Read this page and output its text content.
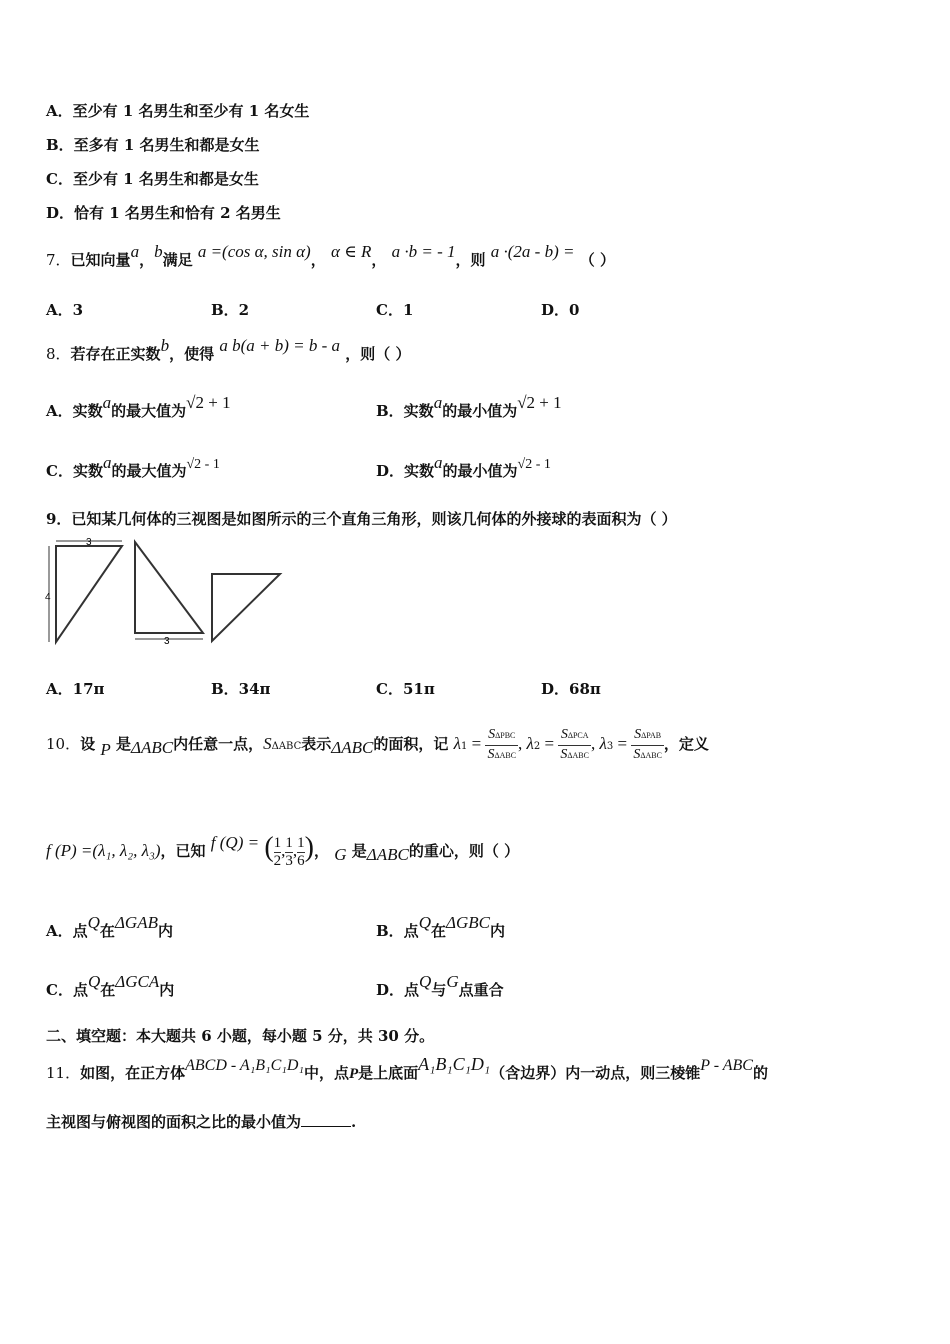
A．至少有 1 名男生和至少有 1 名女生
B．至多有 1 名男生和都是女生
C．至少有 1 名男生和都是女生
D．恰有 1 名男生和恰有 2 名男生
7．已知向量a，b满足 a =(cos α, sin α)， α ∈ R， a ·b = - 1，则 a ·(2a - b) = （ ）
A．3	B．2	C．1	D．0
8．若存在正实数b，使得 a b(a + b) = b - a ，则（ ）
A．实数a的最大值为√2 + 1	B．实数a的最小值为√2 + 1
C．实数a的最大值为√2 - 1	D．实数a的最小值为√2 - 1
9．已知某几何体的三视图是如图所示的三个直角三角形，则该几何体的外接球的表面积为（ ）
3
4
3
A．17π	B．34π	C．51π	D．68π
10．设 P 是ΔABC内任意一点，SΔABC表示ΔABC的面积，记 $\lambda 1 = \frac{\text{SΔPBC}}{\text{SΔABC}}$ , $\lambda 2 = \frac{\text{SΔPCA}}{\text{SΔABC}}$ , $\lambda 3 = \frac{\text{SΔPAB}}{\text{SΔABC}}$ ，定义
f (P) =(λ₁, λ₂, λ₃)，已知 f (Q) = ( $\frac{1}{2}$ , $\frac{1}{3}$ , $\frac{1}{6}$ )， G 是ΔABC的重心，则（ ）
A．点Q在ΔGAB内	B．点Q在ΔGBC内
C．点Q在ΔGCA内	D．点Q与G点重合
二、填空题：本大题共 6 小题，每小题 5 分，共 30 分。
11．如图，在正方体ABCD - A₁B₁C₁D₁中，点P是上底面A₁B₁C₁D₁（含边界）内一动点，则三棱锥P - ABC的
主视图与俯视图的面积之比的最小值为	.
